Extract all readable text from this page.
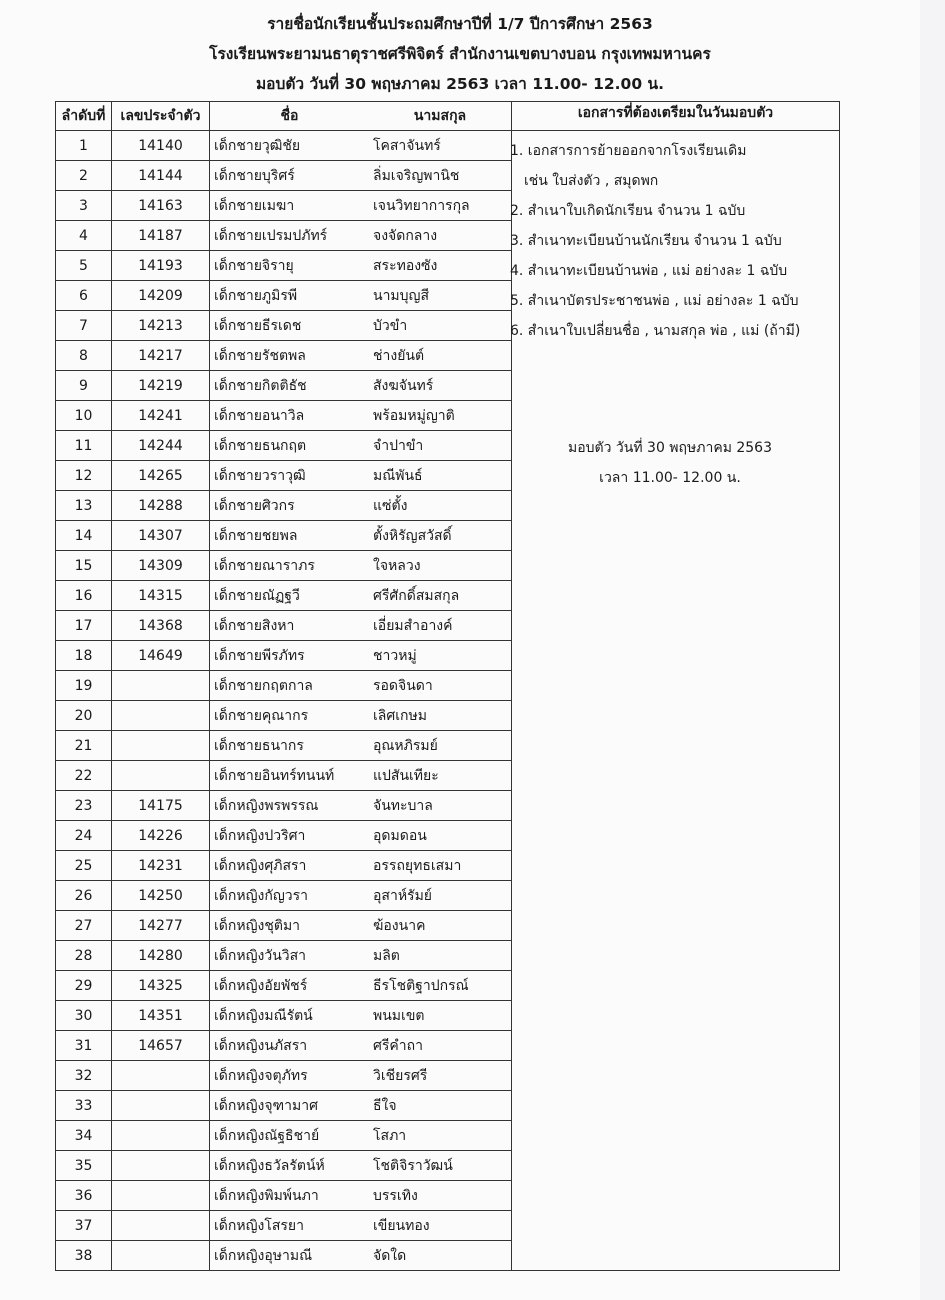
รายชื่อนักเรียนชั้นประถมศึกษาปีที่ 1/7 ปีการศึกษา 2563
โรงเรียนพระยามนธาตุราชศรีพิจิตร์ สำนักงานเขตบางบอน กรุงเทพมหานคร
มอบตัว วันที่ 30 พฤษภาคม 2563 เวลา 11.00- 12.00 น.
ลำดับที่	เลขประจำตัว	ชื่อ	นามสกุล	เอกสารที่ต้องเตรียมในวันมอบตัว
1	14140	เด็กชายวุฒิชัย	โคสาจันทร์	
2	14144	เด็กชายบุริศร์	ลิ่มเจริญพานิช	
3	14163	เด็กชายเมฆา	เจนวิทยาการกุล	
4	14187	เด็กชายเปรมปภัทร์	จงจัดกลาง	
5	14193	เด็กชายจิรายุ	สระทองซัง	
6	14209	เด็กชายภูมิรพี	นามบุญสี	
7	14213	เด็กชายธีรเดช	บัวขำ	
8	14217	เด็กชายรัชตพล	ช่างยันต์	
9	14219	เด็กชายกิตติธัช	สังฆจันทร์	
10	14241	เด็กชายอนาวิล	พร้อมหมู่ญาติ	
11	14244	เด็กชายธนกฤต	จำปาขำ	
12	14265	เด็กชายวราวุฒิ	มณีพันธ์	
13	14288	เด็กชายศิวกร	แซ่ตั้ง	
14	14307	เด็กชายชยพล	ตั้งหิรัญสวัสดิ์	
15	14309	เด็กชายณาราภร	ใจหลวง	
16	14315	เด็กชายณัฏฐวี	ศรีศักดิ์สมสกุล	
17	14368	เด็กชายสิงหา	เอี่ยมสำอางค์	
18	14649	เด็กชายพีรภัทร	ชาวหมู่	
19		เด็กชายกฤตกาล	รอดจินดา	
20		เด็กชายคุณากร	เลิศเกษม	
21		เด็กชายธนากร	อุณหภิรมย์	
22		เด็กชายอินทร์ทนนท์	แปสันเทียะ	
23	14175	เด็กหญิงพรพรรณ	จันทะบาล	
24	14226	เด็กหญิงปวริศา	อุดมดอน	
25	14231	เด็กหญิงศุภิสรา	อรรถยุทธเสมา	
26	14250	เด็กหญิงกัญวรา	อุสาห์รัมย์	
27	14277	เด็กหญิงชุติมา	ฆ้องนาค	
28	14280	เด็กหญิงวันวิสา	มลิต	
29	14325	เด็กหญิงอัยพัชร์	ธีรโชติฐาปกรณ์	
30	14351	เด็กหญิงมณีรัตน์	พนมเขต	
31	14657	เด็กหญิงนภัสรา	ศรีคำถา	
32		เด็กหญิงจตุภัทร	วิเชียรศรี	
33		เด็กหญิงจุฑามาศ	ธีใจ	
34		เด็กหญิงณัฐธิชาย์	โสภา	
35		เด็กหญิงธวัลรัตน์ห์	โชติจิราวัฒน์	
36		เด็กหญิงพิมพ์นภา	บรรเทิง	
37		เด็กหญิงโสรยา	เขียนทอง	
38		เด็กหญิงอุษามณี	จัดใด	
1. เอกสารการย้ายออกจากโรงเรียนเดิม
เช่น ใบส่งตัว , สมุดพก
2. สำเนาใบเกิดนักเรียน จำนวน 1 ฉบับ
3. สำเนาทะเบียนบ้านนักเรียน จำนวน 1 ฉบับ
4. สำเนาทะเบียนบ้านพ่อ , แม่ อย่างละ 1 ฉบับ
5. สำเนาบัตรประชาชนพ่อ , แม่ อย่างละ 1 ฉบับ
6. สำเนาใบเปลี่ยนชื่อ , นามสกุล พ่อ , แม่ (ถ้ามี)
มอบตัว วันที่ 30 พฤษภาคม 2563
เวลา 11.00- 12.00 น.
